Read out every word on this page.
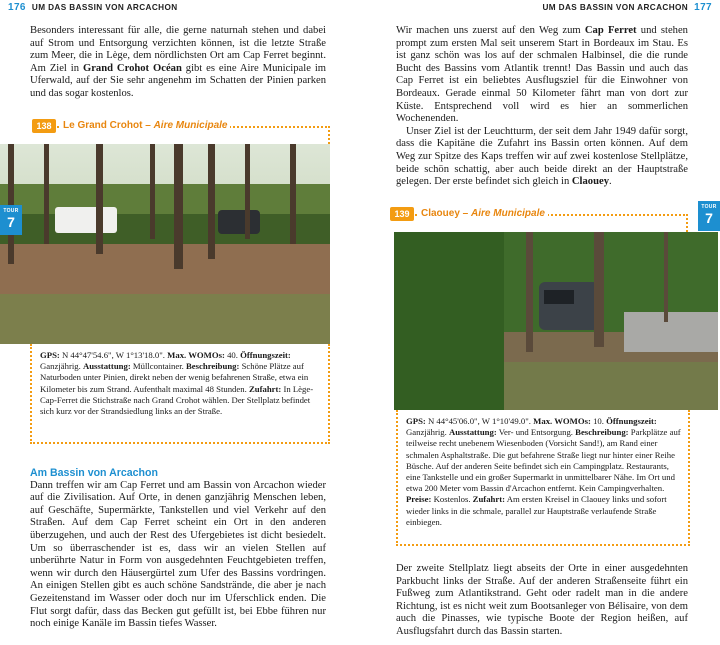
176 UM DAS BASSIN VON ARCACHON

Besonders interessant für alle, die gerne naturnah stehen und dabei auf Strom und Entsorgung verzichten können, ist die letzte Straße zum Meer, die in Lège, dem nördlichsten Ort am Cap Ferret beginnt. Am Ziel in Grand Crohot Océan gibt es eine Aire Municipale im Uferwald, auf der Sie sehr angenehm im Schatten der Pinien parken und das sogar kostenlos.

138	Le Grand Crohot – Aire Municipale

GPS: N 44°47'54.6", W 1°13'18.0". Max. WOMOs: 40. Öffnungszeit: Ganzjährig. Ausstattung: Müllcontainer. Beschreibung: Schöne Plätze auf Naturboden unter Pinien, direkt neben der wenig befahrenen Straße, etwa ein Kilometer bis zum Strand. Aufenthalt maximal 48 Stunden. Zufahrt: In Lège-Cap-Ferret die Stichstraße nach Grand Crohot wählen. Der Stellplatz befindet sich kurz vor der Strandsiedlung links an der Straße.

Am Bassin von Arcachon

Dann treffen wir am Cap Ferret und am Bassin von Arcachon wieder auf die Zivilisation. Auf Orte, in denen ganzjährig Menschen leben, auf Geschäfte, Supermärkte, Tankstellen und viel Verkehr auf den Straßen. Auf dem Cap Ferret scheint ein Ort in den anderen überzugehen, und auch der Rest des Ufergebietes ist dicht besiedelt. Um so überraschender ist es, dass wir an vielen Stellen auf unberührte Natur in Form von ausgedehnten Feuchtgebieten treffen, wenn wir durch den Häusergürtel zum Ufer des Bassins vordringen. An einigen Stellen gibt es auch schöne Sandstrände, die aber je nach Gezeitenstand im Wasser oder doch nur im Uferschlick enden. Die Flut sorgt dafür, dass das Becken gut gefüllt ist, bei Ebbe führen nur noch einige Kanäle im Bassin tiefes Wasser.

TOUR
7
UM DAS BASSIN VON ARCACHON 177

Wir machen uns zuerst auf den Weg zum Cap Ferret und stehen prompt zum ersten Mal seit unserem Start in Bordeaux im Stau. Es ist ganz schön was los auf der schmalen Halbinsel, die die runde Bucht des Bassins vom Atlantik trennt! Das Bassin und auch das Cap Ferret ist ein beliebtes Ausflugsziel für die Einwohner von Bordeaux. Gerade einmal 50 Kilometer fährt man von dort zur Küste. Entsprechend voll wird es hier an sommerlichen Wochenenden.

Unser Ziel ist der Leuchtturm, der seit dem Jahr 1949 dafür sorgt, dass die Kapitäne die Zufahrt ins Bassin orten können. Auf dem Weg zur Spitze des Kaps treffen wir auf zwei kostenlose Stellplätze, beide schön schattig, aber auch beide direkt an der Hauptstraße gelegen. Der erste befindet sich gleich in Claouey.

139	Claouey – Aire Municipale

GPS: N 44°45'06.0", W 1°10'49.0". Max. WOMOs: 10. Öffnungszeit: Ganzjährig. Ausstattung: Ver- und Entsorgung. Beschreibung: Parkplätze auf teilweise recht unebenem Wiesenboden (Vorsicht Sand!), am Rand einer schmalen Asphaltstraße. Die gut befahrene Straße liegt nur hinter einer Reihe Büsche. Auf der anderen Seite befindet sich ein Campingplatz. Restaurants, eine Tankstelle und ein großer Supermarkt in unmittelbarer Nähe. Im Ort und etwa 200 Meter vom Bassin d'Arcachon entfernt. Kein Campingverhalten. Preise: Kostenlos. Zufahrt: Am ersten Kreisel in Claouey links und sofort wieder links in die schmale, parallel zur Hauptstraße verlaufende Straße einbiegen.

Der zweite Stellplatz liegt abseits der Orte in einer ausgedehnten Parkbucht links der Straße. Auf der anderen Straßenseite führt ein Fußweg zum Atlantikstrand. Geht oder radelt man in die andere Richtung, ist es nicht weit zum Bootsanleger von Bélisaire, von dem auch die Pinasses, wie typische Boote der Region heißen, auf Ausflugsfahrt durch das Bassin starten.

TOUR
7
